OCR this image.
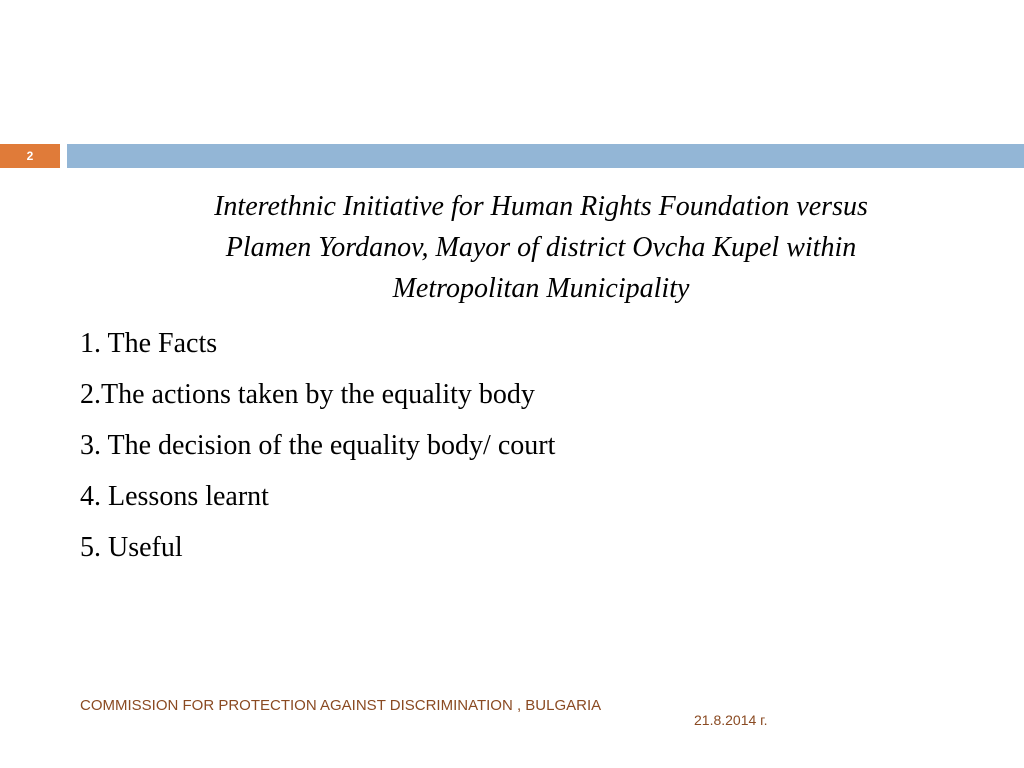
2
Interethnic Initiative for Human Rights Foundation versus
Plamen Yordanov, Mayor of district Ovcha Kupel within
Metropolitan Municipality
1. The Facts
2.The actions taken by the equality body
3. The decision of the equality body/ court
4. Lessons learnt
5. Useful
COMMISSION FOR PROTECTION AGAINST DISCRIMINATION , BULGARIA
21.8.2014 г.
